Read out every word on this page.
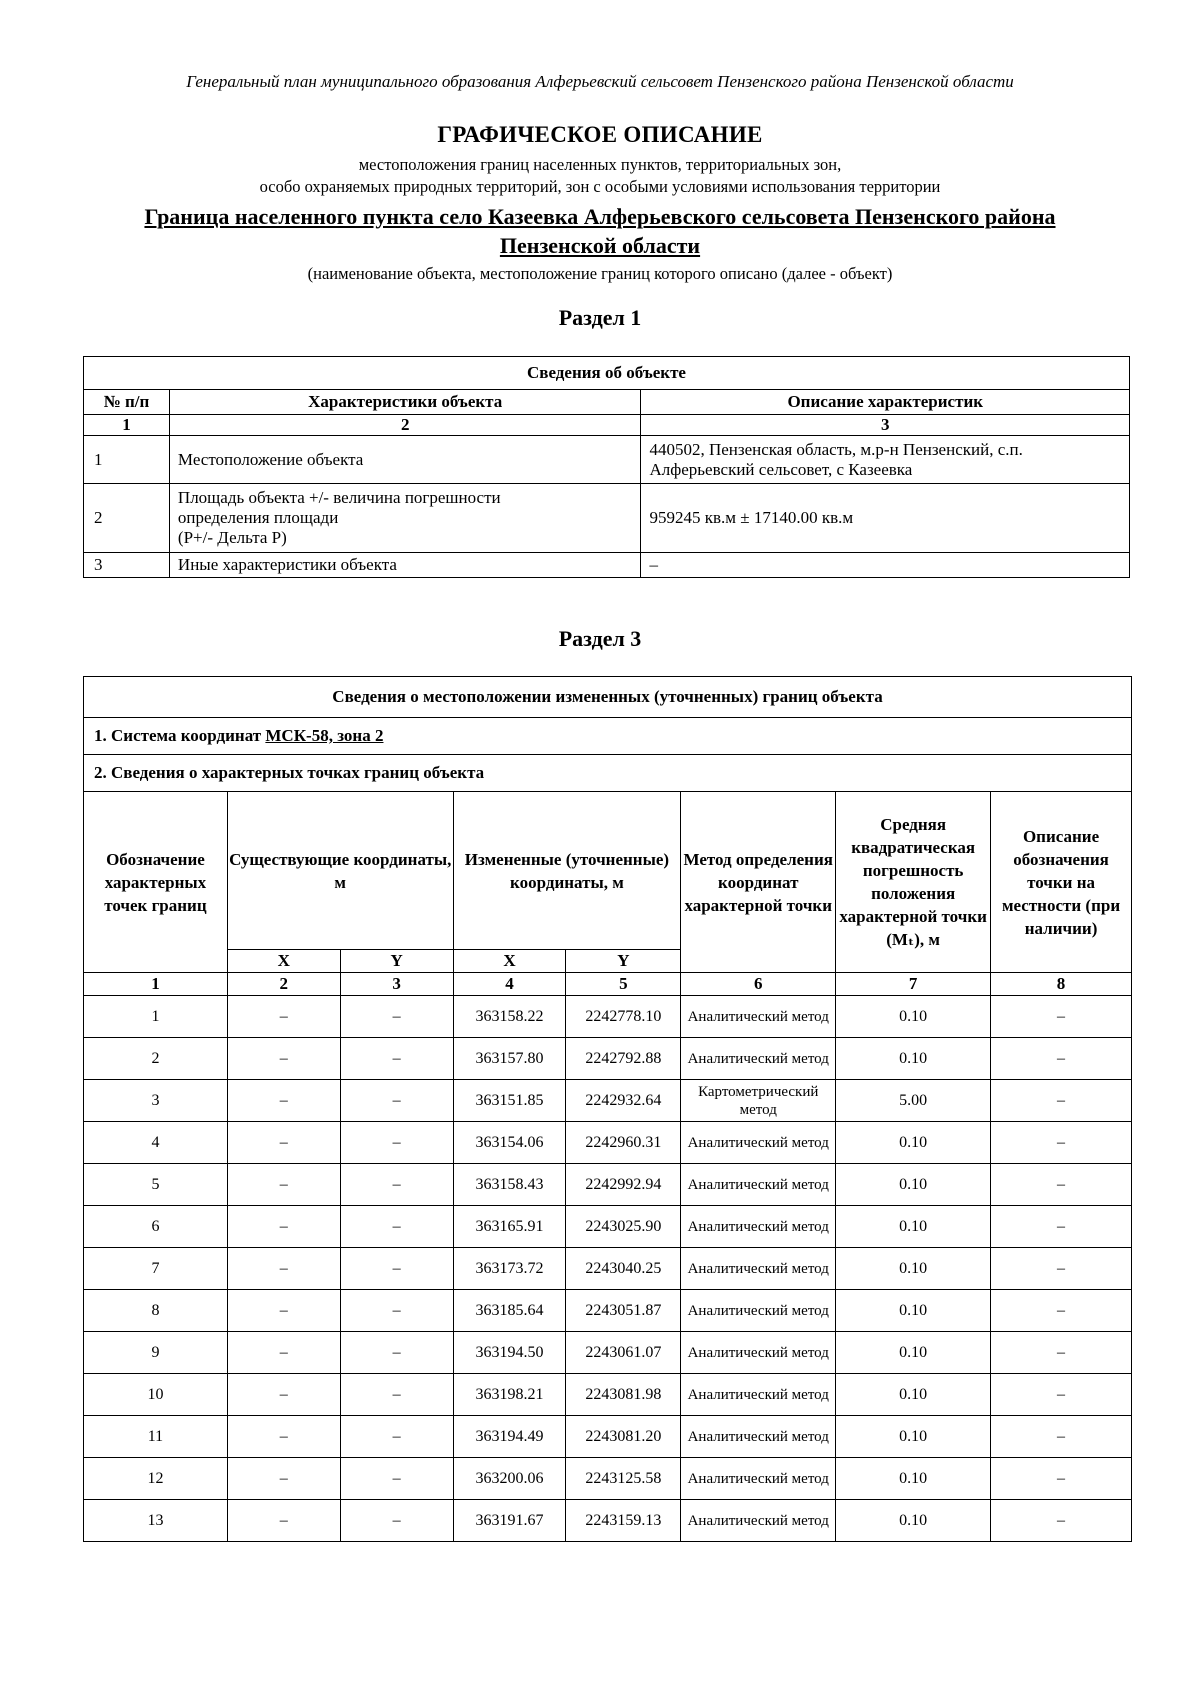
Генеральный план муниципального образования Алферьевский сельсовет Пензенского района Пензенской области
ГРАФИЧЕСКОЕ ОПИСАНИЕ
местоположения границ населенных пунктов, территориальных зон,
особо охраняемых природных территорий, зон с особыми условиями использования территории
Граница населенного пункта село Казеевка Алферьевского сельсовета Пензенского района Пензенской области
(наименование объекта, местоположение границ которого описано (далее - объект)
Раздел 1
Сведения об объекте		
№ п/п	Характеристики объекта	Описание характеристик
1	2	3
1	Местоположение объекта	440502, Пензенская область, м.р-н Пензенский, с.п. Алферьевский сельсовет, с Казеевка
2	Площадь объекта +/- величина погрешности
определения площади
(Р+/- Дельта Р)	959245 кв.м ± 17140.00 кв.м
3	Иные характеристики объекта	–
Раздел 3
Сведения о местоположении измененных (уточненных) границ объекта							
1. Система координат МСК-58, зона 2							
2. Сведения о характерных точках границ объекта							
Обозначение характерных точек границ	Существующие координаты, м		Измененные (уточненные) координаты, м		Метод определения координат характерной точки	Средняя квадратическая погрешность положения характерной точки (Мₜ), м	Описание обозначения точки на местности (при наличии)
	X	Y	X	Y			
1	2	3	4	5	6	7	8
1	–	–	363158.22	2242778.10	Аналитический метод	0.10	–
2	–	–	363157.80	2242792.88	Аналитический метод	0.10	–
3	–	–	363151.85	2242932.64	Картометрический метод	5.00	–
4	–	–	363154.06	2242960.31	Аналитический метод	0.10	–
5	–	–	363158.43	2242992.94	Аналитический метод	0.10	–
6	–	–	363165.91	2243025.90	Аналитический метод	0.10	–
7	–	–	363173.72	2243040.25	Аналитический метод	0.10	–
8	–	–	363185.64	2243051.87	Аналитический метод	0.10	–
9	–	–	363194.50	2243061.07	Аналитический метод	0.10	–
10	–	–	363198.21	2243081.98	Аналитический метод	0.10	–
11	–	–	363194.49	2243081.20	Аналитический метод	0.10	–
12	–	–	363200.06	2243125.58	Аналитический метод	0.10	–
13	–	–	363191.67	2243159.13	Аналитический метод	0.10	–
